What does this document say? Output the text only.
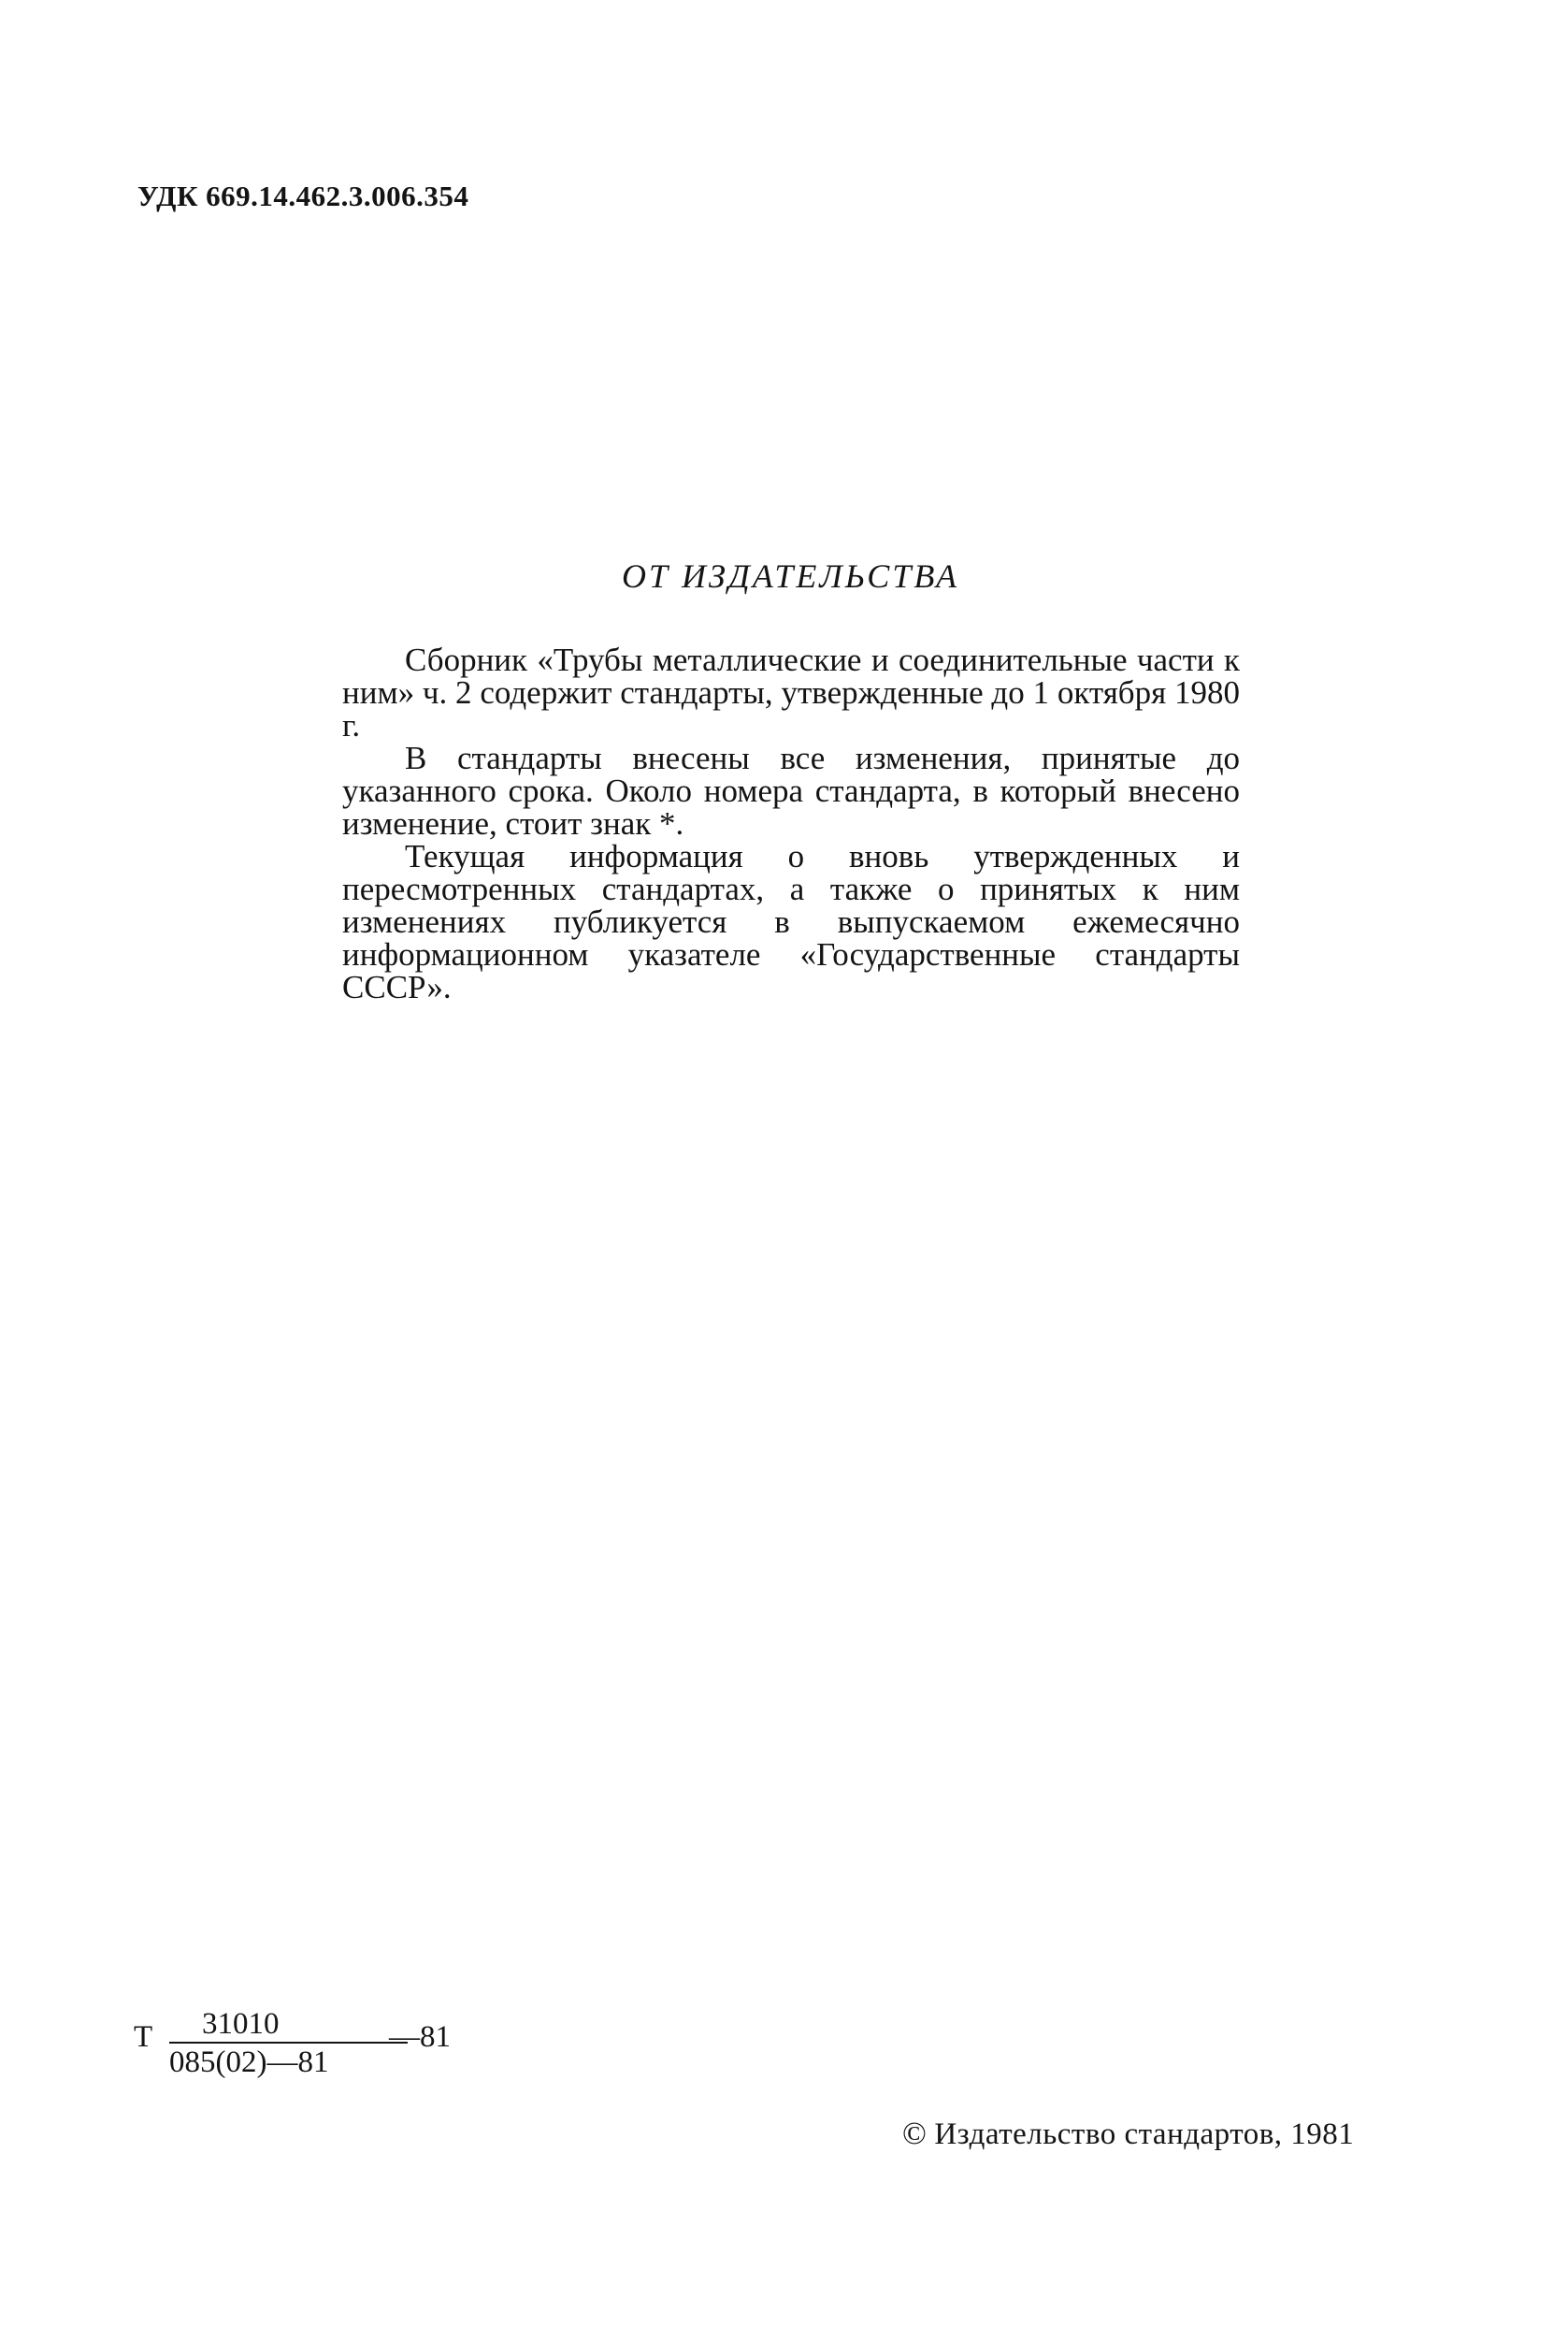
УДК 669.14.462.3.006.354
ОТ ИЗДАТЕЛЬСТВА

Сборник «Трубы металлические и соединительные части к ним» ч. 2 содержит стандарты, утвержденные до 1 октября 1980 г.

В стандарты внесены все изменения, принятые до указанного срока. Около номера стандарта, в который внесено изменение, стоит знак *.

Текущая информация о вновь утвержденных и пересмотренных стандартах, а также о принятых к ним изменениях публикуется в выпускаемом ежемесячно информационном указателе «Государственные стандарты СССР».

Т $\frac{31010}{085(02)—81}$ —81
© Издательство стандартов, 1981
